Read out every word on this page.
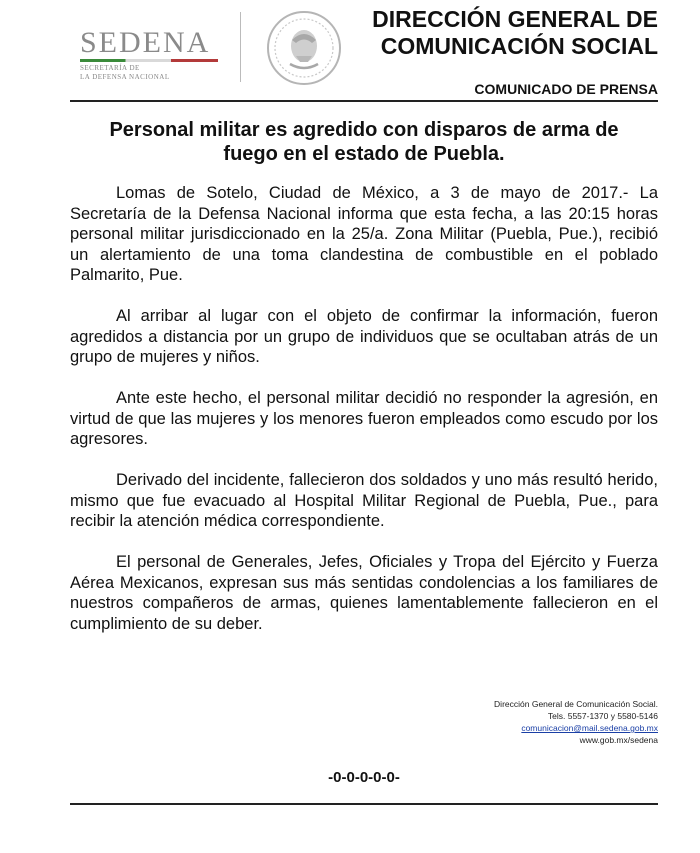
SEDENA
SECRETARÍA DE
LA DEFENSA NACIONAL
DIRECCIÓN GENERAL DE
COMUNICACIÓN SOCIAL
COMUNICADO DE PRENSA
Personal militar es agredido con disparos de arma de
fuego en el estado de Puebla.

Lomas de Sotelo, Ciudad de México, a 3 de mayo de 2017.- La Secretaría de la Defensa Nacional informa que esta fecha, a las 20:15 horas personal militar jurisdiccionado en la 25/a. Zona Militar (Puebla, Pue.), recibió un alertamiento de una toma clandestina de combustible en el poblado Palmarito, Pue.

Al arribar al lugar con el objeto de confirmar la información, fueron agredidos a distancia por un grupo de individuos que se ocultaban atrás de un grupo de mujeres y niños.

Ante este hecho, el personal militar decidió no responder la agresión, en virtud de que las mujeres y los menores fueron empleados como escudo por los agresores.

Derivado del incidente, fallecieron dos soldados y uno más resultó herido, mismo que fue evacuado al Hospital Militar Regional de Puebla, Pue., para recibir la atención médica correspondiente.

El personal de Generales, Jefes, Oficiales y Tropa del Ejército y Fuerza Aérea Mexicanos, expresan sus más sentidas condolencias a los familiares de nuestros compañeros de armas, quienes lamentablemente fallecieron en el cumplimiento de su deber.

Dirección General de Comunicación Social.
Tels. 5557-1370 y 5580-5146
comunicacion@mail.sedena.gob.mx
www.gob.mx/sedena
-0-0-0-0-0-
